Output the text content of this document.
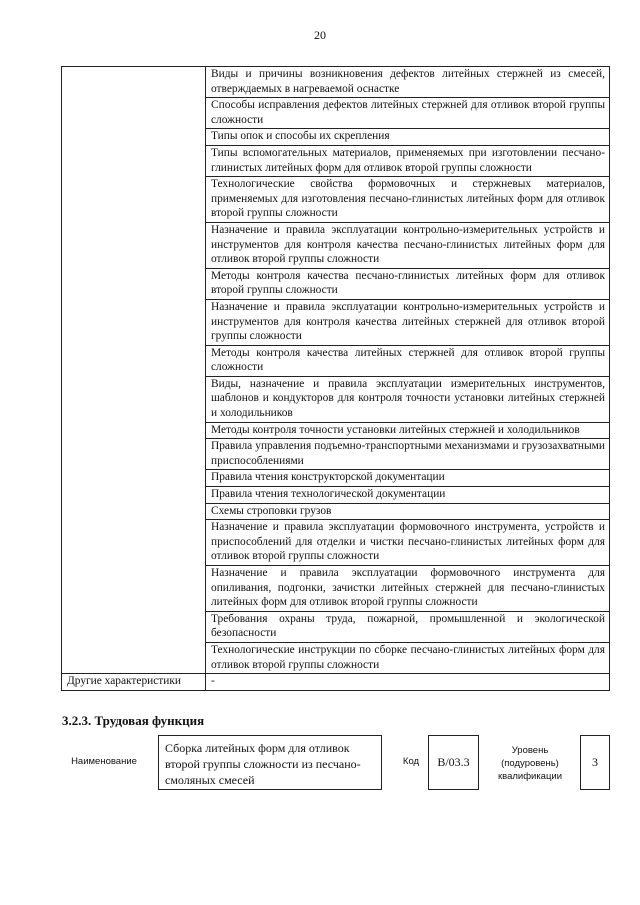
20
	Виды и причины возникновения дефектов литейных стержней из смесей, отверждаемых в нагреваемой оснастке
	Способы исправления дефектов литейных стержней для отливок второй группы сложности
	Типы опок и способы их скрепления
	Типы вспомогательных материалов, применяемых при изготовлении песчано-глинистых литейных форм для отливок второй группы сложности
	Технологические свойства формовочных и стержневых материалов, применяемых для изготовления песчано-глинистых литейных форм для отливок второй группы сложности
	Назначение и правила эксплуатации контрольно-измерительных устройств и инструментов для контроля качества песчано-глинистых литейных форм для отливок второй группы сложности
	Методы контроля качества песчано-глинистых литейных форм для отливок второй группы сложности
	Назначение и правила эксплуатации контрольно-измерительных устройств и инструментов для контроля качества литейных стержней для отливок второй группы сложности
	Методы контроля качества литейных стержней для отливок второй группы сложности
	Виды, назначение и правила эксплуатации измерительных инструментов, шаблонов и кондукторов для контроля точности установки литейных стержней и холодильников
	Методы контроля точности установки литейных стержней и холодильников
	Правила управления подъемно-транспортными механизмами и грузозахватными приспособлениями
	Правила чтения конструкторской документации
	Правила чтения технологической документации
	Схемы строповки грузов
	Назначение и правила эксплуатации формовочного инструмента, устройств и приспособлений для отделки и чистки песчано-глинистых литейных форм для отливок второй группы сложности
	Назначение и правила эксплуатации формовочного инструмента для опиливания, подгонки, зачистки литейных стержней для песчано-глинистых литейных форм для отливок второй группы сложности
	Требования охраны труда, пожарной, промышленной и экологической безопасности
	Технологические инструкции по сборке песчано-глинистых литейных форм для отливок второй группы сложности
Другие характеристики	-
3.2.3. Трудовая функция
Наименование
Сборка литейных форм для отливок второй группы сложности из песчано-смоляных смесей
Код	B/03.3
Уровень (подуровень) квалификации
3
